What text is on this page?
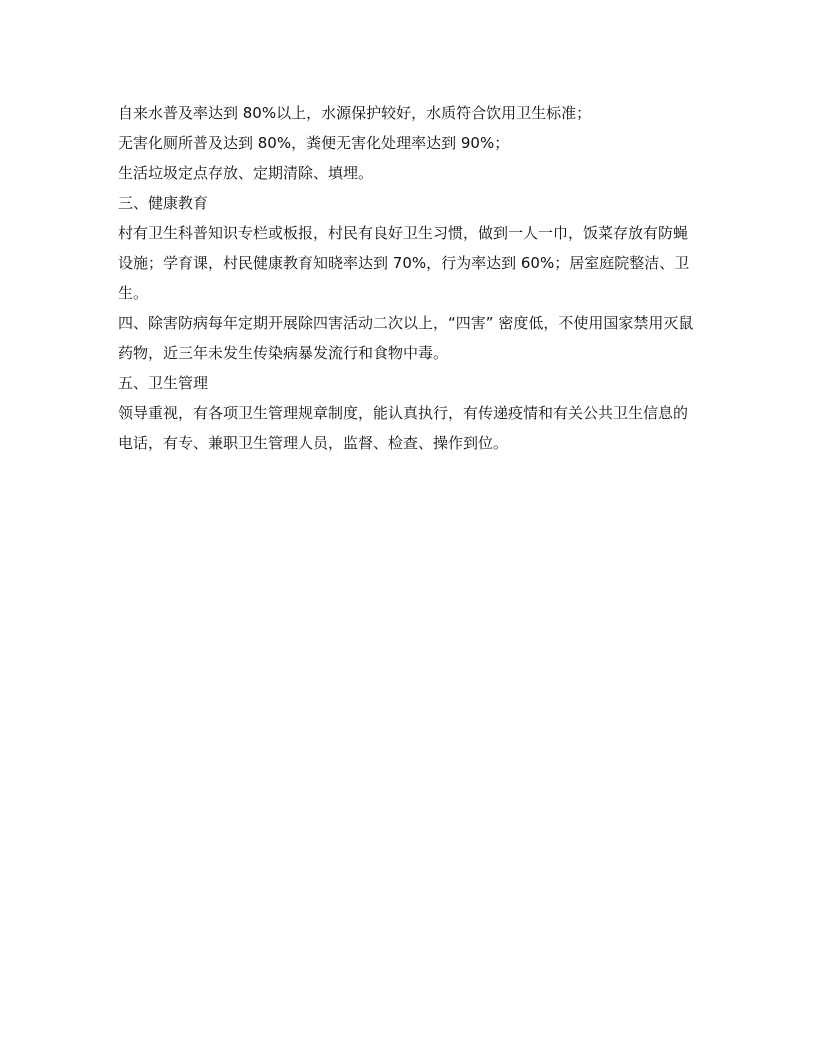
自来水普及率达到 80%以上，水源保护较好，水质符合饮用卫生标准；

无害化厕所普及达到 80%，粪便无害化处理率达到 90%；

生活垃圾定点存放、定期清除、填埋。

三、健康教育

村有卫生科普知识专栏或板报，村民有良好卫生习惯，做到一人一巾，饭菜存放有防蝇设施；学育课，村民健康教育知晓率达到 70%，行为率达到 60%；居室庭院整洁、卫生。

四、除害防病每年定期开展除四害活动二次以上，“四害” 密度低，不使用国家禁用灭鼠药物，近三年未发生传染病暴发流行和食物中毒。

五、卫生管理

领导重视，有各项卫生管理规章制度，能认真执行，有传递疫情和有关公共卫生信息的电话，有专、兼职卫生管理人员，监督、检查、操作到位。
